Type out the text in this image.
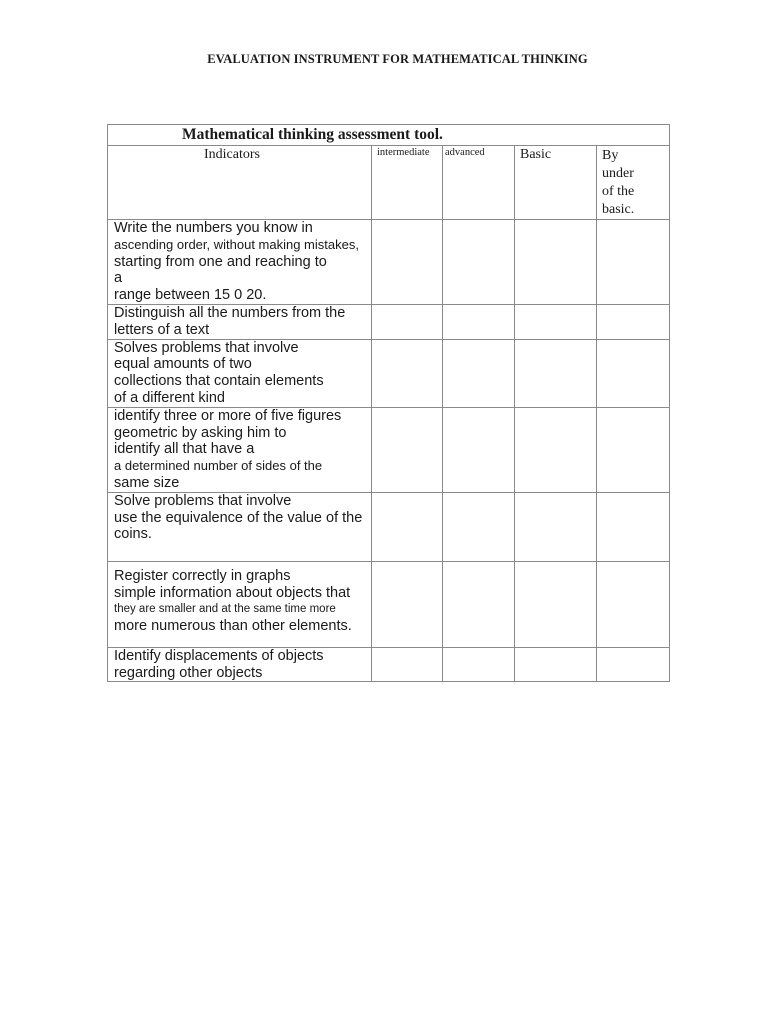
EVALUATION INSTRUMENT FOR MATHEMATICAL THINKING
Mathematical thinking assessment tool.				
Indicators	intermediate	advanced	Basic	By
under
of the
basic.

Write the numbers you know in
ascending order, without making mistakes,
starting from one and reaching to
a
range between 15 0 20.				

Distinguish all the numbers from the
letters of a text				

Solves problems that involve
equal amounts of two
collections that contain elements
of a different kind				

identify three or more of five figures
geometric by asking him to
identify all that have a
a determined number of sides of the
same size				

Solve problems that involve
use the equivalence of the value of the
coins.				

Register correctly in graphs
simple information about objects that
they are smaller and at the same time more
more numerous than other elements.				

Identify displacements of objects
regarding other objects				
